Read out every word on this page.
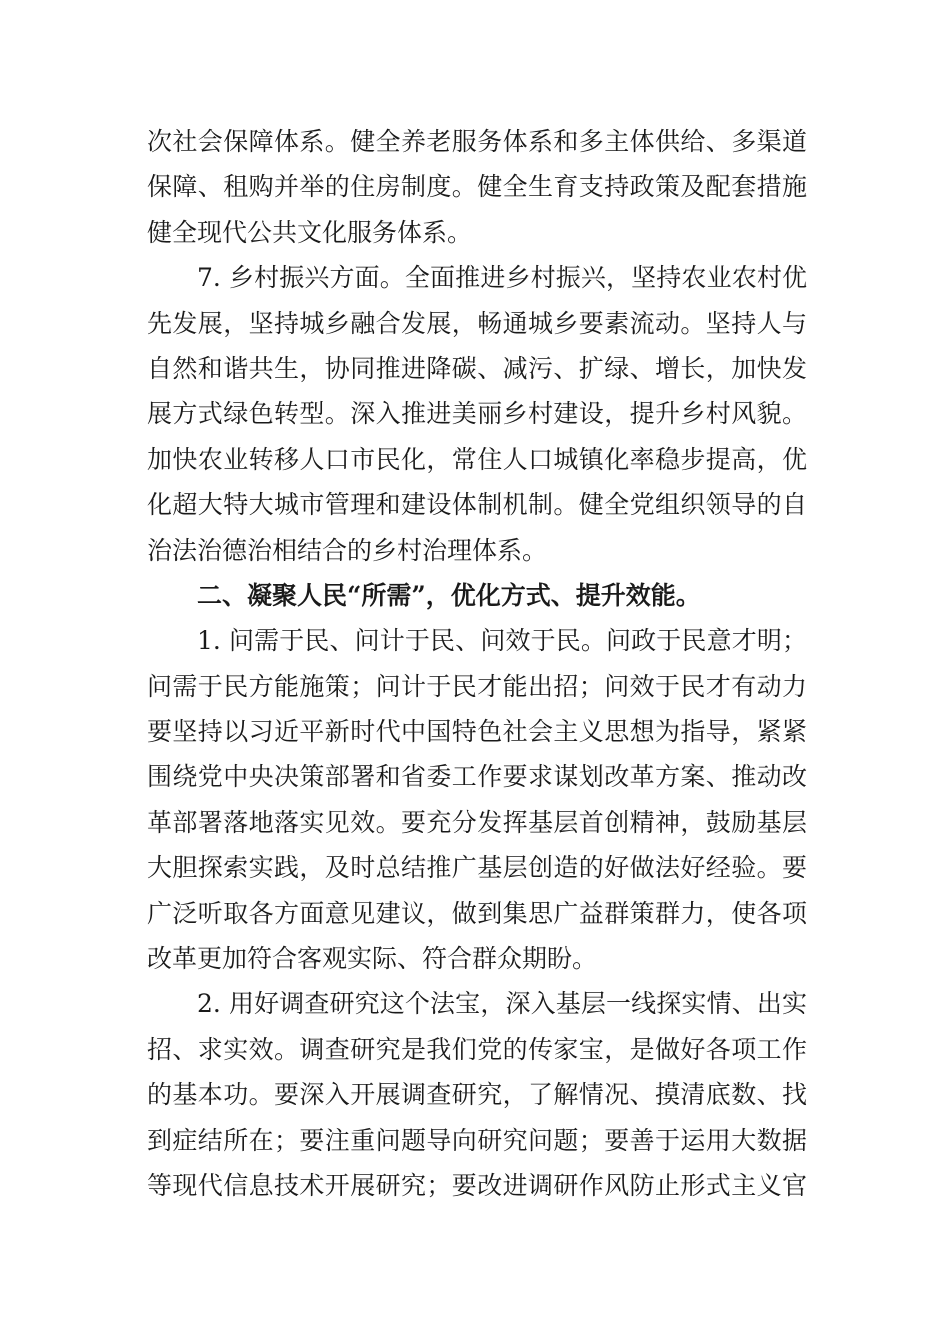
次社会保障体系。健全养老服务体系和多主体供给、多渠道
保障、租购并举的住房制度。健全生育支持政策及配套措施
健全现代公共文化服务体系。
7. 乡村振兴方面。全面推进乡村振兴，坚持农业农村优
先发展，坚持城乡融合发展，畅通城乡要素流动。坚持人与
自然和谐共生，协同推进降碳、减污、扩绿、增长，加快发
展方式绿色转型。深入推进美丽乡村建设，提升乡村风貌。
加快农业转移人口市民化，常住人口城镇化率稳步提高，优
化超大特大城市管理和建设体制机制。健全党组织领导的自
治法治德治相结合的乡村治理体系。
二、凝聚人民“所需”，优化方式、提升效能。
1. 问需于民、问计于民、问效于民。问政于民意才明；
问需于民方能施策；问计于民才能出招；问效于民才有动力
要坚持以习近平新时代中国特色社会主义思想为指导，紧紧
围绕党中央决策部署和省委工作要求谋划改革方案、推动改
革部署落地落实见效。要充分发挥基层首创精神，鼓励基层
大胆探索实践，及时总结推广基层创造的好做法好经验。要
广泛听取各方面意见建议，做到集思广益群策群力，使各项
改革更加符合客观实际、符合群众期盼。
2. 用好调查研究这个法宝，深入基层一线探实情、出实
招、求实效。调查研究是我们党的传家宝，是做好各项工作
的基本功。要深入开展调查研究，了解情况、摸清底数、找
到症结所在；要注重问题导向研究问题；要善于运用大数据
等现代信息技术开展研究；要改进调研作风防止形式主义官
